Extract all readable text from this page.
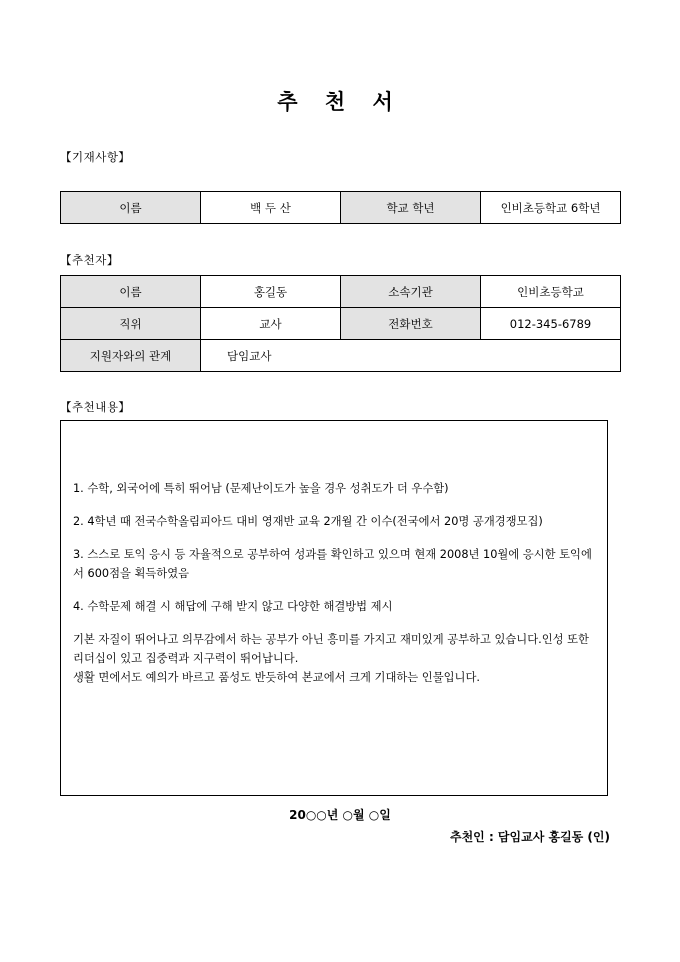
추 천 서
【기재사항】
이름	백 두 산	학교 학년	인비초등학교 6학년
【추천자】
이름	홍길동	소속기관	인비초등학교
직위	교사	전화번호	012-345-6789
지원자와의 관계	담임교사		
【추천내용】

1. 수학, 외국어에 특히 뛰어남 (문제난이도가 높을 경우 성취도가 더 우수함)

2. 4학년 때 전국수학올림피아드 대비 영재반 교육 2개월 간 이수(전국에서 20명 공개경쟁모집)

3. 스스로 토익 응시 등 자율적으로 공부하여 성과를 확인하고 있으며 현재 2008년 10월에 응시한 토익에서 600점을 획득하였음

4. 수학문제 해결 시 해답에 구해 받지 않고 다양한 해결방법 제시

기본 자질이 뛰어나고 의무감에서 하는 공부가 아닌 흥미를 가지고 재미있게 공부하고 있습니다.인성 또한 리더십이 있고 집중력과 지구력이 뛰어납니다.

생활 면에서도 예의가 바르고 품성도 반듯하여 본교에서 크게 기대하는 인물입니다.

20○○년 ○월 ○일
추천인 : 담임교사 홍길동 (인)
